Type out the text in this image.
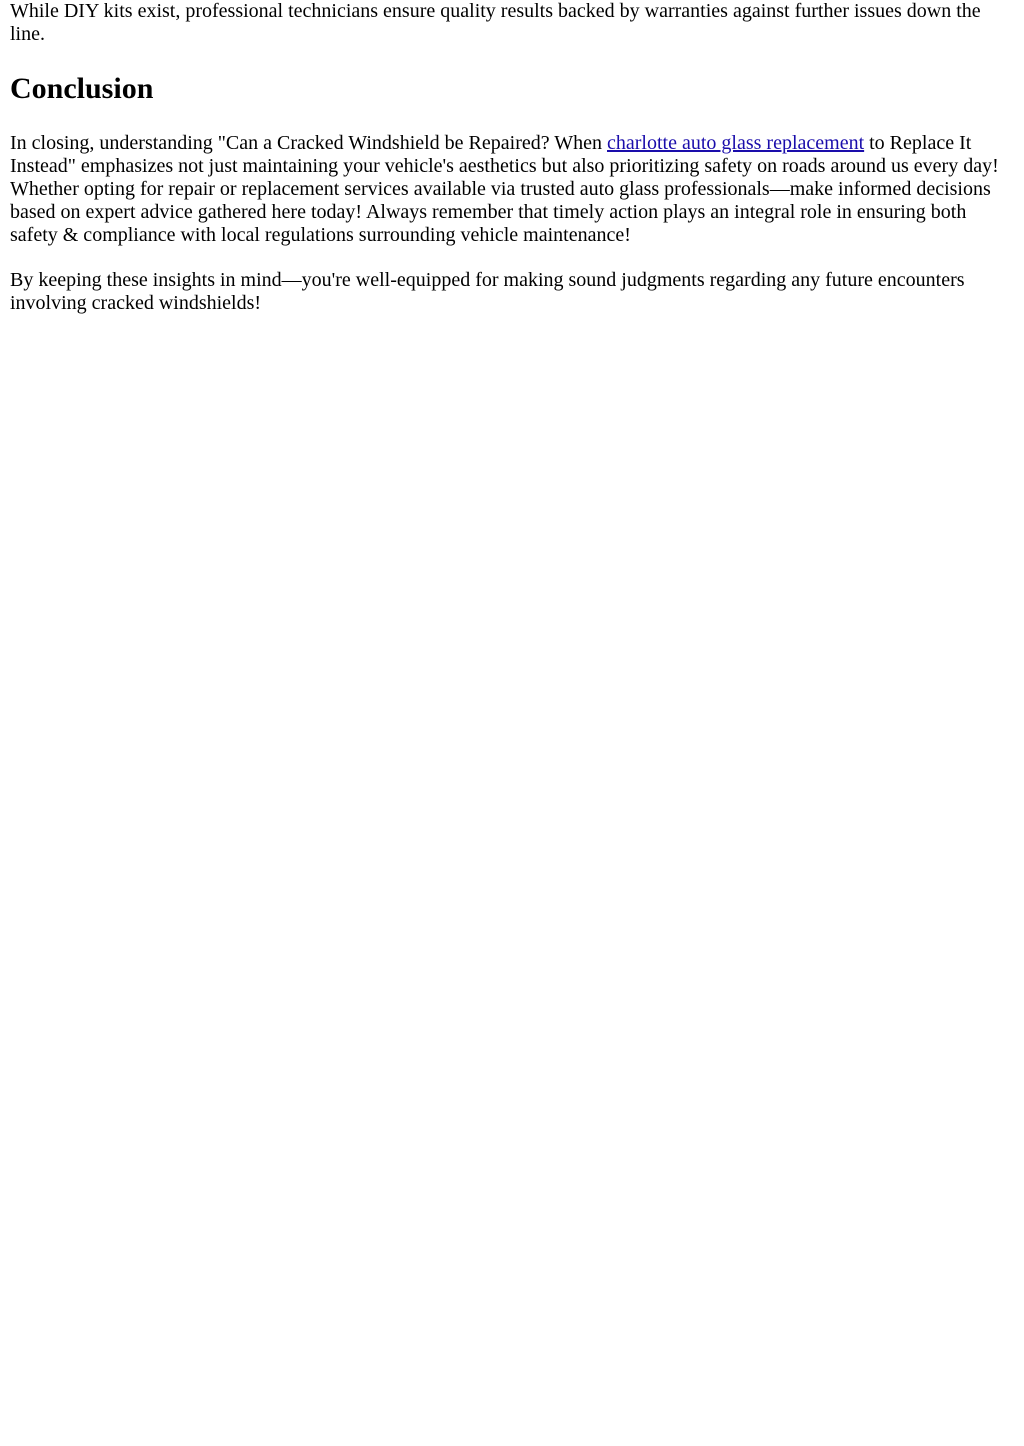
While DIY kits exist, professional technicians ensure quality results backed by warranties against further issues down the line.

Conclusion

In closing, understanding "Can a Cracked Windshield be Repaired? When charlotte auto glass replacement to Replace It Instead" emphasizes not just maintaining your vehicle's aesthetics but also prioritizing safety on roads around us every day! Whether opting for repair or replacement services available via trusted auto glass professionals—make informed decisions based on expert advice gathered here today! Always remember that timely action plays an integral role in ensuring both safety & compliance with local regulations surrounding vehicle maintenance!

By keeping these insights in mind—you're well-equipped for making sound judgments regarding any future encounters involving cracked windshields!
